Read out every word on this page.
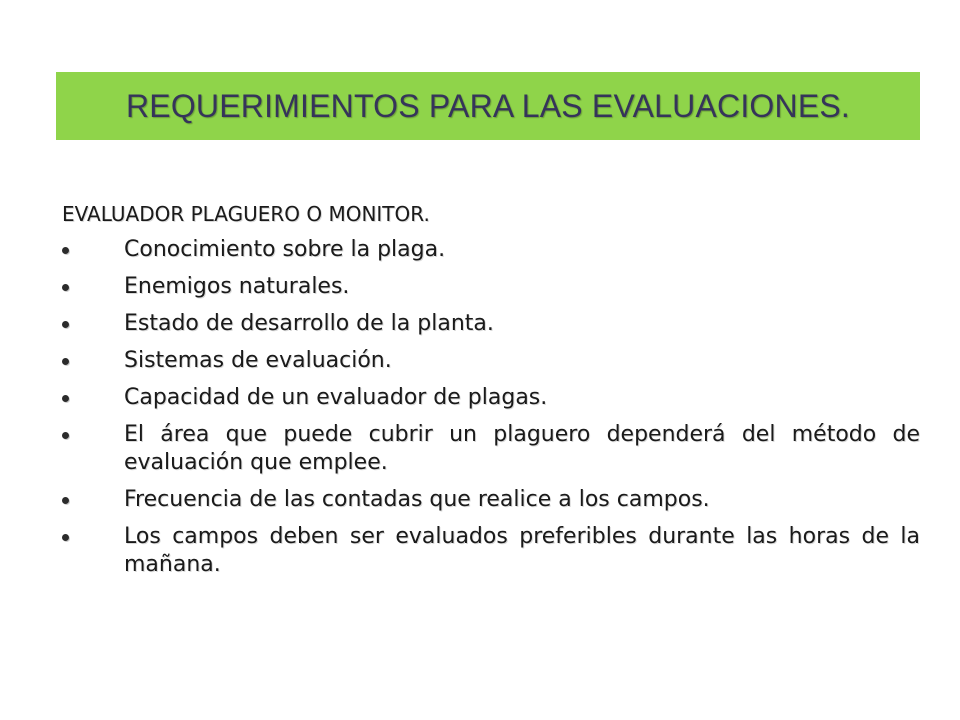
REQUERIMIENTOS PARA LAS EVALUACIONES.
EVALUADOR PLAGUERO O MONITOR.
Conocimiento sobre la plaga.
Enemigos naturales.
Estado de desarrollo de la planta.
Sistemas de evaluación.
Capacidad de un evaluador de plagas.
El área que puede cubrir un plaguero dependerá del método de evaluación que emplee.
Frecuencia de las contadas que realice a los campos.
Los campos deben ser evaluados preferibles durante las horas de la mañana.
